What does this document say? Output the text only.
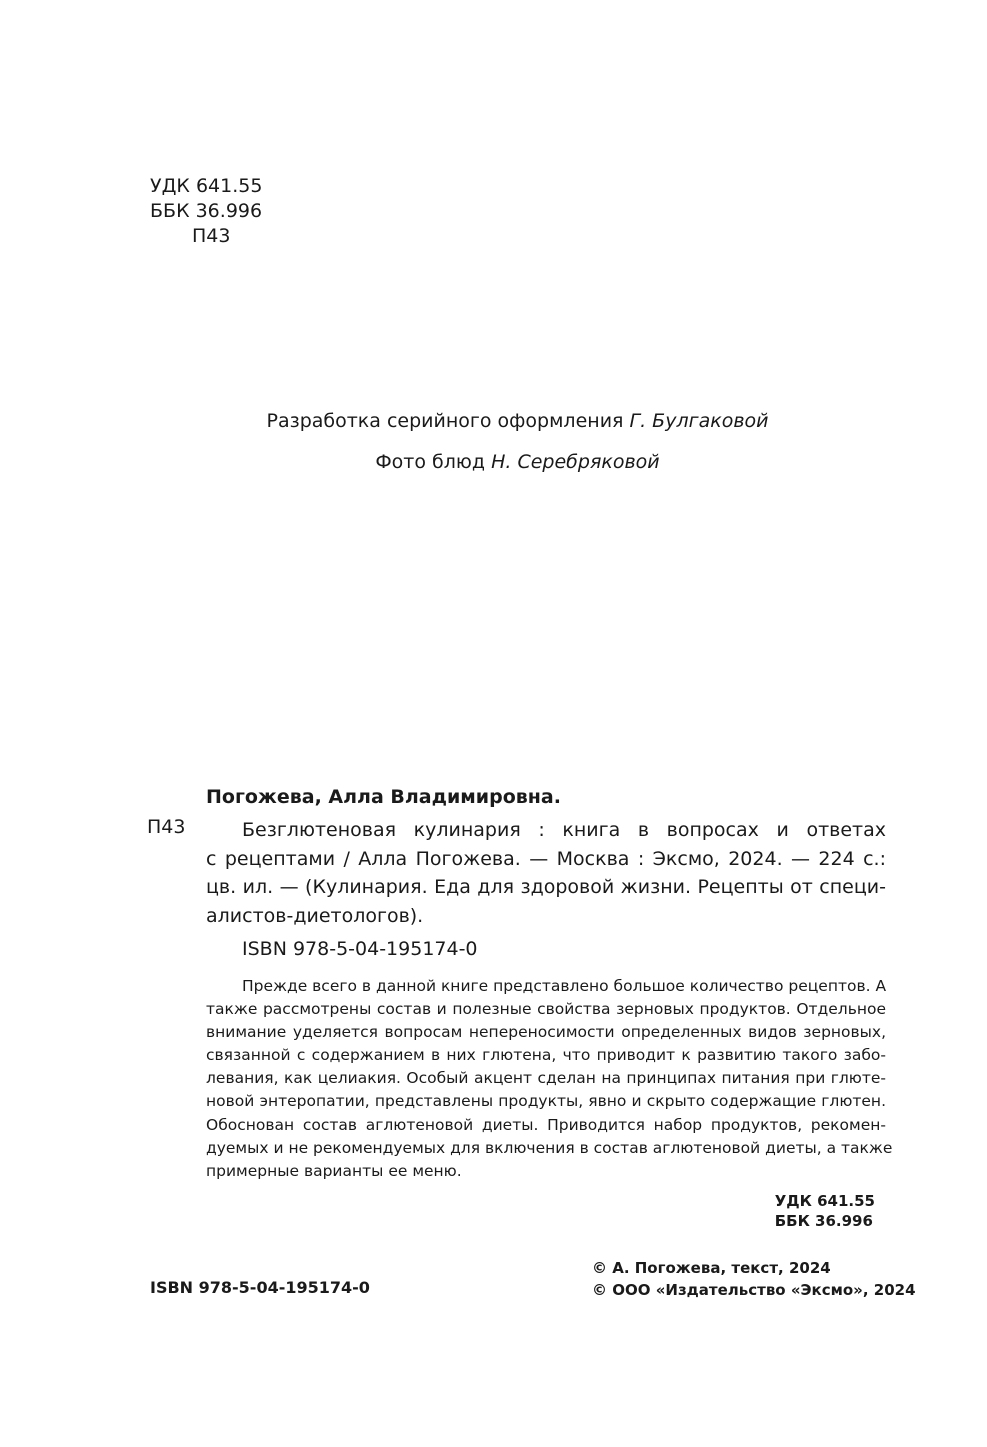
УДК 641.55
ББК 36.996
П43
Разработка серийного оформления Г. Булгаковой
Фото блюд Н. Серебряковой
Погожева, Алла Владимировна.
П43	Безглютеновая кулинария : книга в вопросах и ответах
с рецептами / Алла Погожева. — Москва : Эксмо, 2024. — 224 с.:
цв. ил. — (Кулинария. Еда для здоровой жизни. Рецепты от специ-
алистов-диетологов).
ISBN 978-5-04-195174-0
Прежде всего в данной книге представлено большое количество рецептов. А
также рассмотрены состав и полезные свойства зерновых продуктов. Отдельное
внимание уделяется вопросам непереносимости определенных видов зерновых,
связанной с содержанием в них глютена, что приводит к развитию такого забо-
левания, как целиакия. Особый акцент сделан на принципах питания при глюте-
новой энтеропатии, представлены продукты, явно и скрыто содержащие глютен.
Обоснован состав аглютеновой диеты. Приводится набор продуктов, рекомен-
дуемых и не рекомендуемых для включения в состав аглютеновой диеты, а также
примерные варианты ее меню.
УДК 641.55
ББК 36.996
ISBN 978-5-04-195174-0
© А. Погожева, текст, 2024
© ООО «Издательство «Эксмо», 2024
